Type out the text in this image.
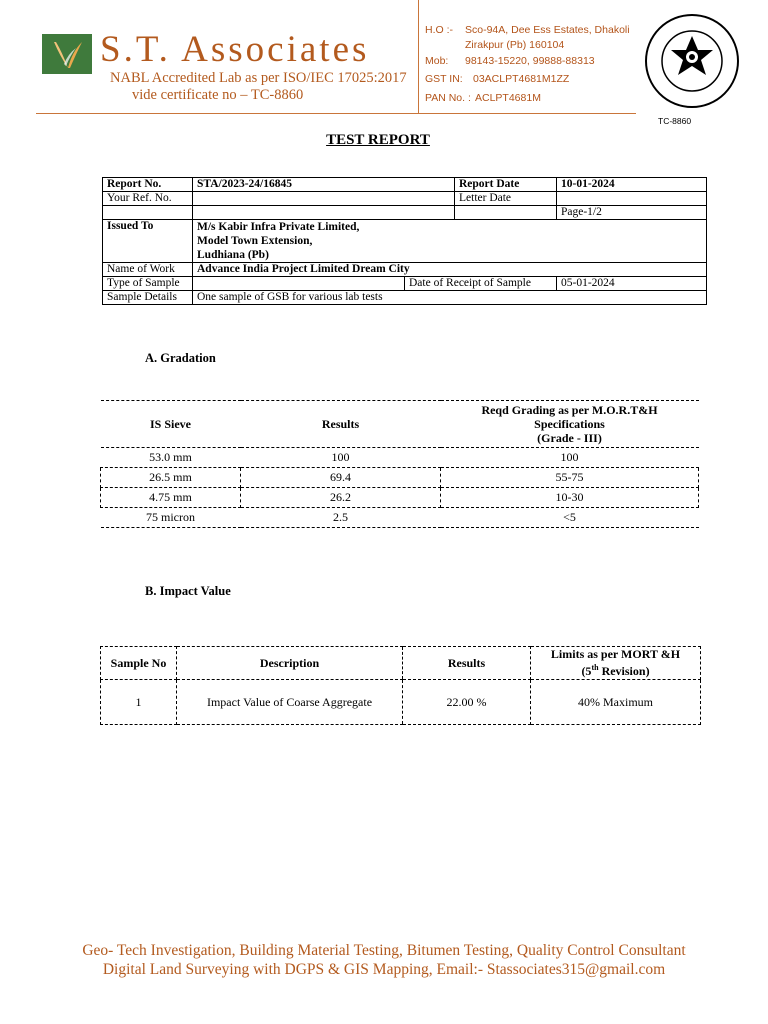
S.T. Associates
NABL Accredited Lab as per ISO/IEC 17025:2017
vide certificate no – TC-8860
H.O :- Sco-94A, Dee Ess Estates, Dhakoli
Zirakpur (Pb) 160104
Mob: 98143-15220, 99888-88313
GST IN: 03ACLPT4681M1ZZ
PAN No. : ACLPT4681M
TC-8860
TEST REPORT
Report No.	STA/2023-24/16845		Report Date	10-01-2024
Your Ref. No.			Letter Date	
				Page-1/2
Issued To	M/s Kabir Infra Private Limited,
Model Town Extension,
Ludhiana (Pb)			

Name of Work	Advance India Project Limited Dream City			
Type of Sample		Date of Receipt of Sample		05-01-2024
Sample Details	One sample of GSB for various lab tests			
A. Gradation
IS Sieve	Results	Reqd Grading as per M.O.R.T&H
Specifications
(Grade - III)

53.0 mm	100	100
26.5 mm	69.4	55-75
4.75 mm	26.2	10-30
75 micron	2.5	<5
B. Impact Value
Sample No	Description	Results	Limits as per MORT &H
(5th Revision)

1	Impact Value of Coarse Aggregate	22.00 %	40% Maximum
Geo- Tech Investigation, Building Material Testing, Bitumen Testing, Quality Control Consultant
Digital Land Surveying with DGPS & GIS Mapping, Email:- Stassociates315@gmail.com
